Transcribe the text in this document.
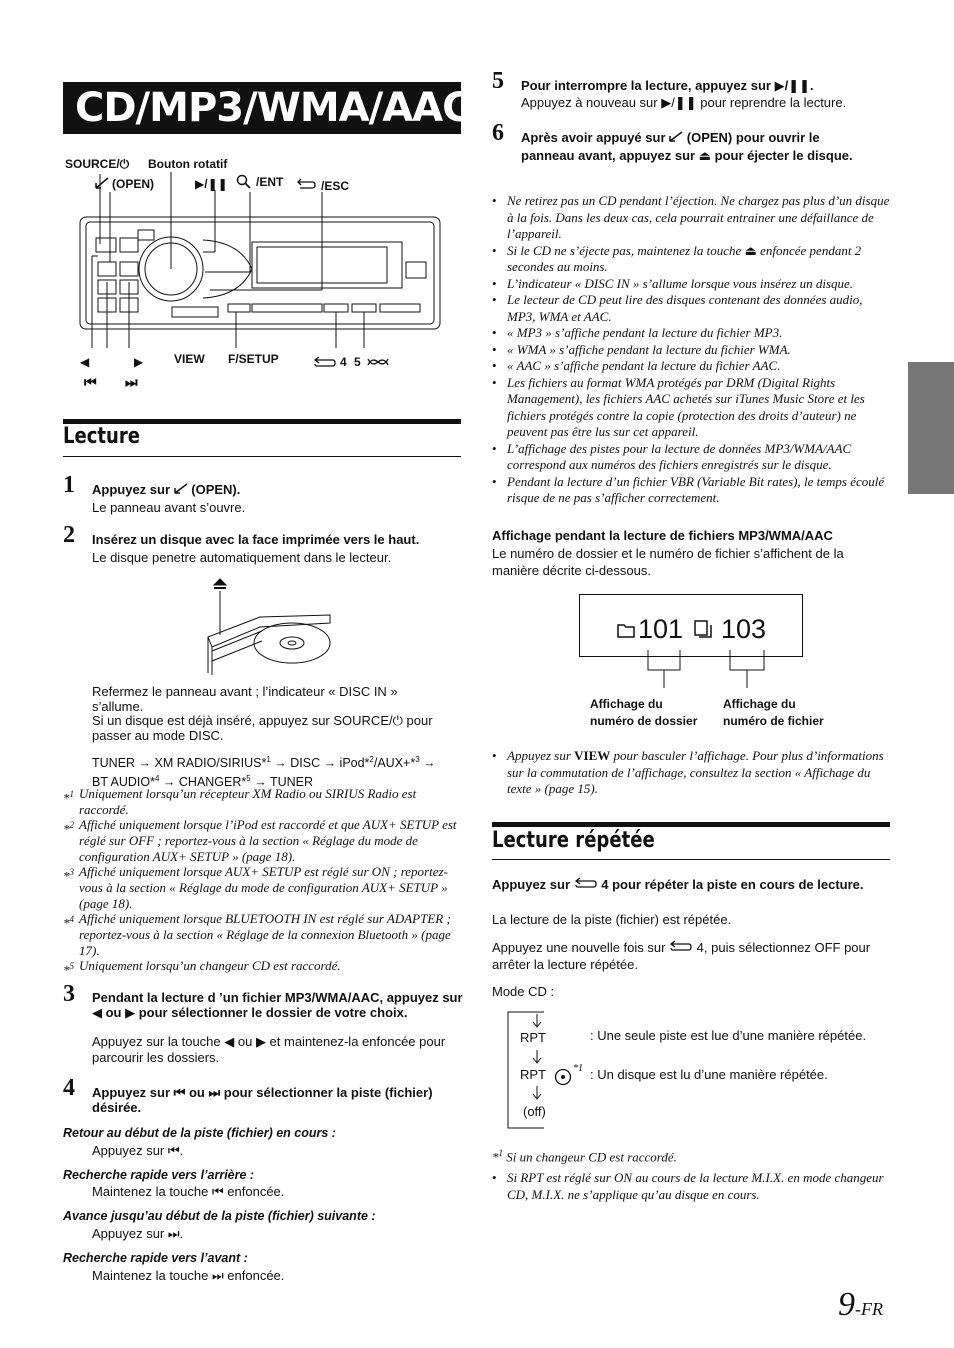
CD/MP3/WMA/AAC
SOURCE/⏻ Bouton rotatif
(OPEN)	▶/❚❚ /ENT	/ESC
◀	▶
⏮ ⏭
VIEW F/SETUP	4 5
Lecture
1 Appuyez sur  (OPEN).
Le panneau avant s’ouvre.
2 Insérez un disque avec la face imprimée vers le haut.
Le disque penetre automatiquement dans le lecteur.
Refermez le panneau avant ; l’indicateur « DISC IN » s’allume.
Si un disque est déjà inséré, appuyez sur SOURCE/⏻ pour passer au mode DISC.
TUNER → XM RADIO/SIRIUS*$^1$ → DISC → iPod*$^2$/AUX+*$^3$ →
BT AUDIO*$^4$ → CHANGER*$^5$ → TUNER
*$^1$ Uniquement lorsqu’un récepteur XM Radio ou SIRIUS Radio est raccordé.
*$^2$ Affiché uniquement lorsque l’iPod est raccordé et que AUX+ SETUP est réglé sur OFF ; reportez-vous à la section « Réglage du mode de configuration AUX+ SETUP » (page 18).
*$^3$ Affiché uniquement lorsque AUX+ SETUP est réglé sur ON ; reportez-vous à la section « Réglage du mode de configuration AUX+ SETUP » (page 18).
*$^4$ Affiché uniquement lorsque BLUETOOTH IN est réglé sur ADAPTER ; reportez-vous à la section « Réglage de la connexion Bluetooth » (page 17).
*$^5$ Uniquement lorsqu’un changeur CD est raccordé.
3 Pendant la lecture d ’un fichier MP3/WMA/AAC, appuyez sur ◀ ou ▶ pour sélectionner le dossier de votre choix.
Appuyez sur la touche ◀ ou ▶ et maintenez-la enfoncée pour parcourir les dossiers.
4 Appuyez sur ⏮ ou ⏭ pour sélectionner la piste (fichier) désirée.
Retour au début de la piste (fichier) en cours :
Appuyez sur ⏮.
Recherche rapide vers l’arrière :
Maintenez la touche ⏮ enfoncée.
Avance jusqu’au début de la piste (fichier) suivante :
Appuyez sur ⏭.
Recherche rapide vers l’avant :
Maintenez la touche ⏭ enfoncée.
5 Pour interrompre la lecture, appuyez sur ▶/❚❚.
Appuyez à nouveau sur ▶/❚❚ pour reprendre la lecture.
6 Après avoir appuyé sur  (OPEN) pour ouvrir le panneau avant, appuyez sur ⏏ pour éjecter le disque.
• Ne retirez pas un CD pendant l’éjection. Ne chargez pas plus d’un disque à la fois. Dans les deux cas, cela pourrait entrainer une défaillance de l’appareil.
• Si le CD ne s’éjecte pas, maintenez la touche ⏏ enfoncée pendant 2 secondes au moins.
• L’indicateur « DISC IN » s’allume lorsque vous insérez un disque.
• Le lecteur de CD peut lire des disques contenant des données audio, MP3, WMA et AAC.
• « MP3 » s’affiche pendant la lecture du fichier MP3.
• « WMA » s’affiche pendant la lecture du fichier WMA.
• « AAC » s’affiche pendant la lecture du fichier AAC.
• Les fichiers au format WMA protégés par DRM (Digital Rights Management), les fichiers AAC achetés sur iTunes Music Store et les fichiers protégés contre la copie (protection des droits d’auteur) ne peuvent pas être lus sur cet appareil.
• L’affichage des pistes pour la lecture de données MP3/WMA/AAC correspond aux numéros des fichiers enregistrés sur le disque.
• Pendant la lecture d’un fichier VBR (Variable Bit rates), le temps écoulé risque de ne pas s’afficher correctement.
Affichage pendant la lecture de fichiers MP3/WMA/AAC
Le numéro de dossier et le numéro de fichier s’affichent de la manière décrite ci-dessous.
101 103
Affichage du
numéro de dossier
Affichage du
numéro de fichier
• Appuyez sur VIEW pour basculer l’affichage. Pour plus d’informations sur la commutation de l’affichage, consultez la section « Affichage du texte » (page 15).
Lecture répétée
Appuyez sur  4 pour répéter la piste en cours de lecture.
La lecture de la piste (fichier) est répétée.
Appuyez une nouvelle fois sur  4, puis sélectionnez OFF pour arrêter la lecture répétée.
Mode CD :
RPT
RPT	*1
(off)
: Une seule piste est lue d’une manière répétée.
: Un disque est lu d’une manière répétée.
*$^1$ Si un changeur CD est raccordé.
• Si RPT est réglé sur ON au cours de la lecture M.I.X. en mode changeur CD, M.I.X. ne s’applique qu’au disque en cours.
9-FR
